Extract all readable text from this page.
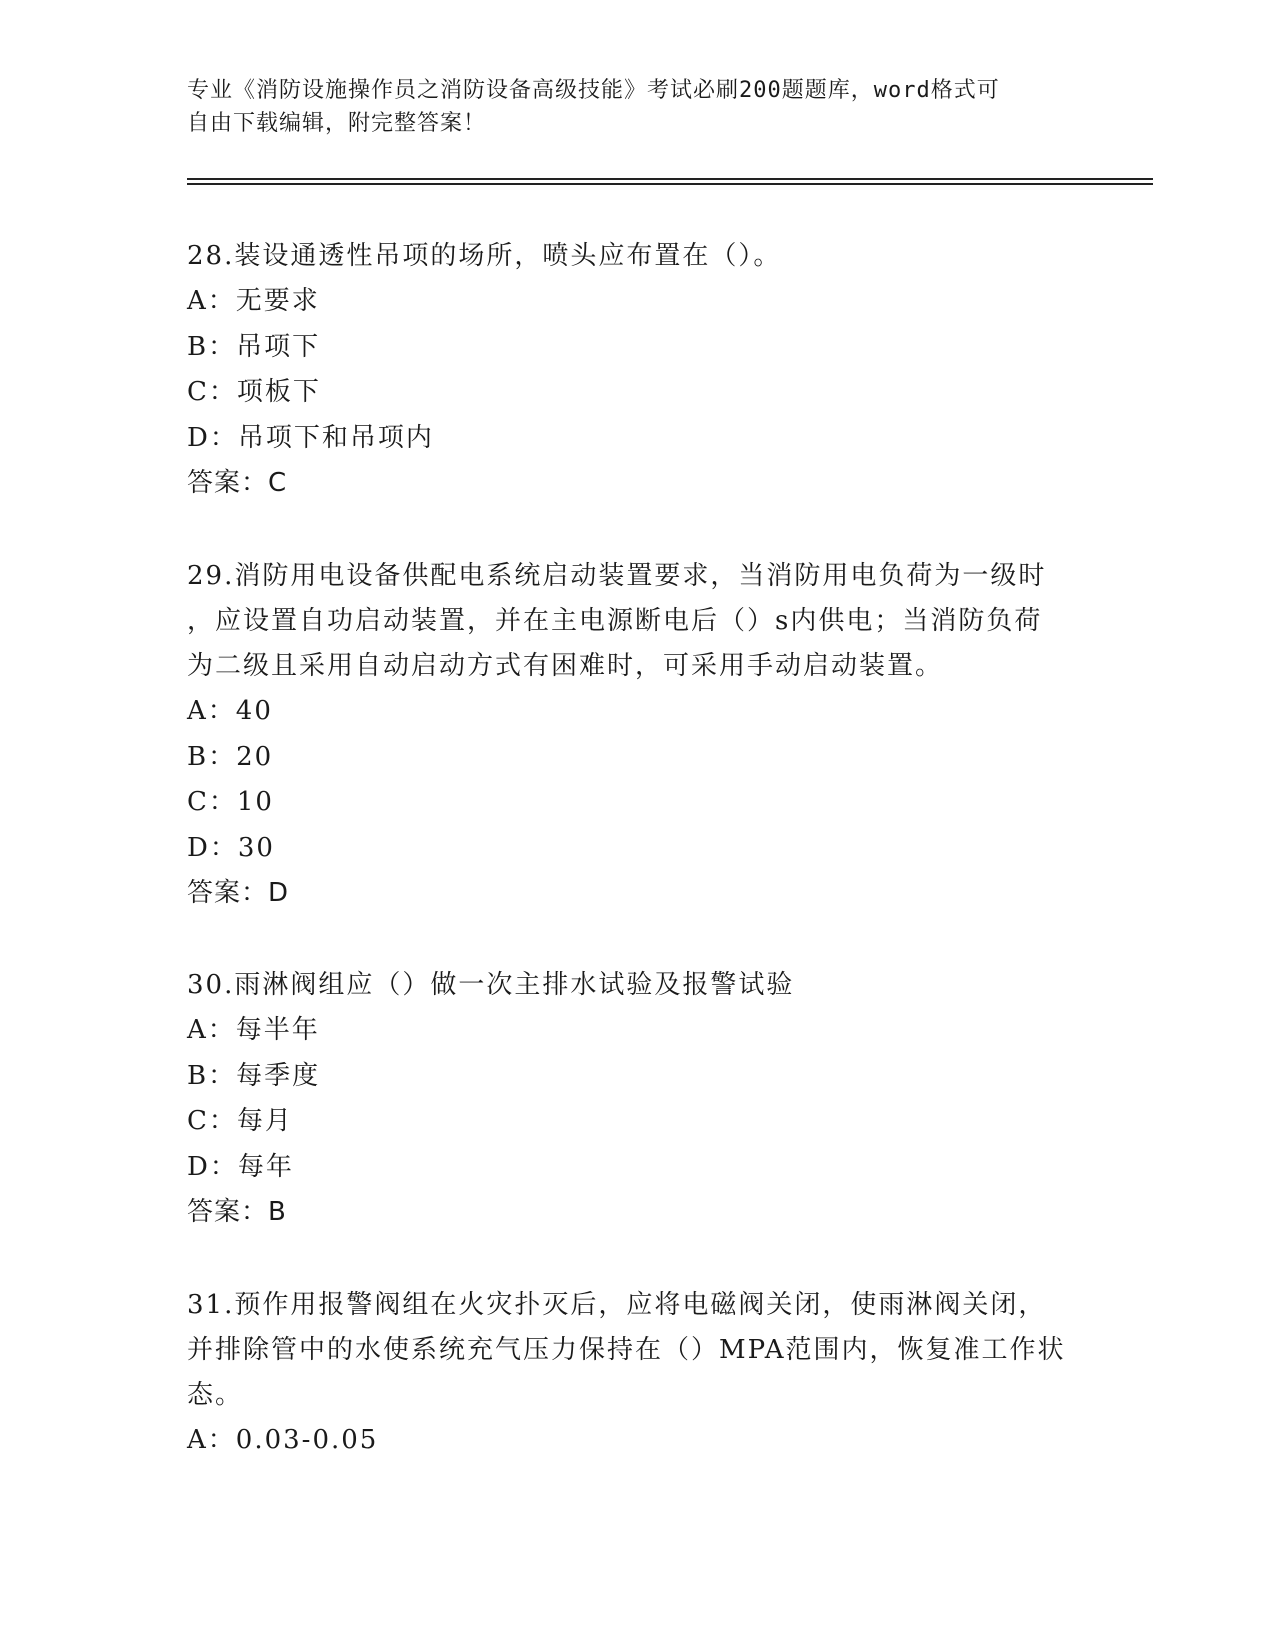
专业《消防设施操作员之消防设备高级技能》考试必刷200题题库，word格式可
自由下载编辑，附完整答案！

28.装设通透性吊项的场所，喷头应布置在（）。

A：无要求

B：吊项下

C：项板下

D：吊项下和吊项内

答案：C

29.消防用电设备供配电系统启动装置要求，当消防用电负荷为一级时

，应设置自功启动装置，并在主电源断电后（）s内供电；当消防负荷

为二级且采用自动启动方式有困难时，可采用手动启动装置。

A：40

B：20

C：10

D：30

答案：D

30.雨淋阀组应（）做一次主排水试验及报警试验

A：每半年

B：每季度

C：每月

D：每年

答案：B

31.预作用报警阀组在火灾扑灭后，应将电磁阀关闭，使雨淋阀关闭，

并排除管中的水使系统充气压力保持在（）MPA范围内，恢复准工作状

态。

A：0.03-0.05
